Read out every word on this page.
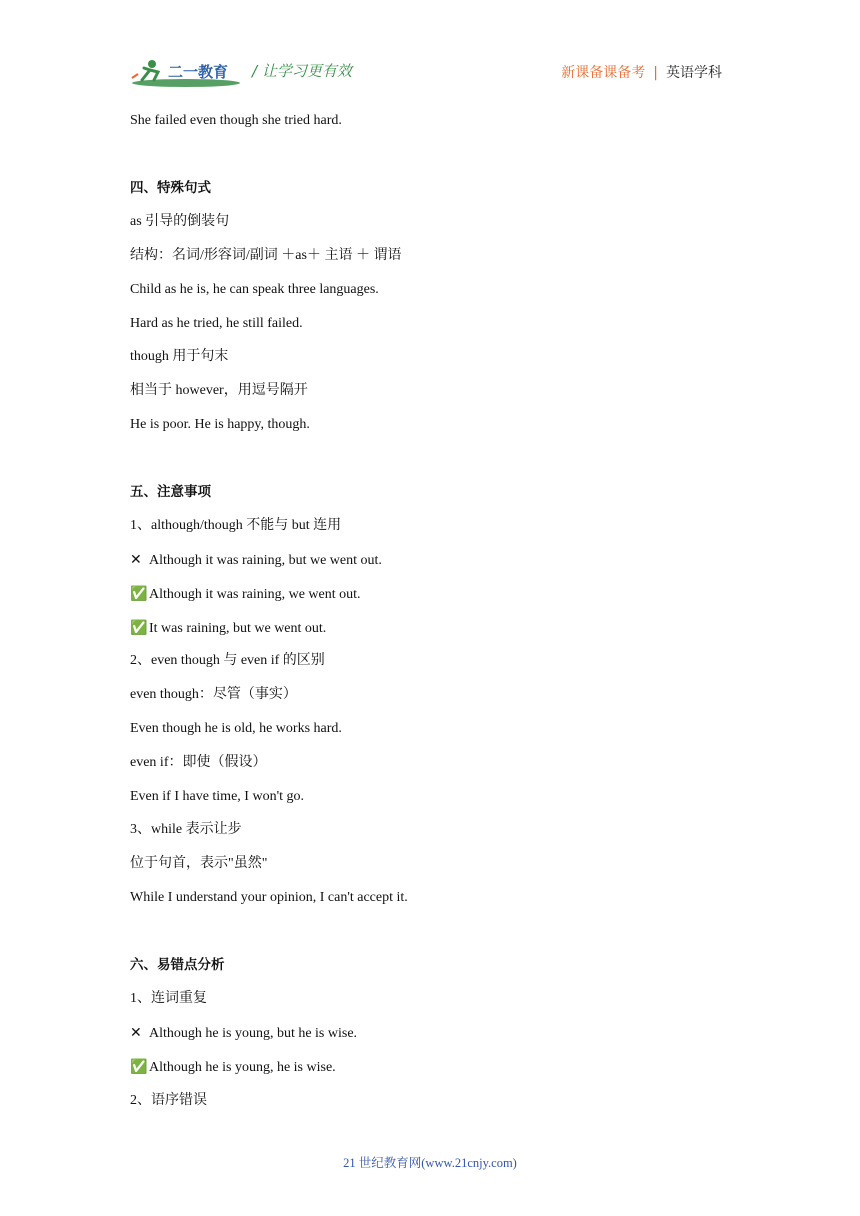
二一教育 / 让学习更有效	新课备课备考 | 英语学科
She failed even though she tried hard.
四、特殊句式
as 引导的倒装句
结构：名词/形容词/副词 ＋as＋ 主语 ＋ 谓语
Child as he is, he can speak three languages.
Hard as he tried, he still failed.
though 用于句末
相当于 however，用逗号隔开
He is poor. He is happy, though.
五、注意事项
1、although/though 不能与 but 连用
✕ Although it was raining, but we went out.
✅ Although it was raining, we went out.
✅ It was raining, but we went out.
2、even though 与 even if 的区别
even though：尽管（事实）
Even though he is old, he works hard.
even if：即使（假设）
Even if I have time, I won't go.
3、while 表示让步
位于句首，表示"虽然"
While I understand your opinion, I can't accept it.
六、易错点分析
1、连词重复
✕ Although he is young, but he is wise.
✅ Although he is young, he is wise.
2、语序错误
21 世纪教育网(www.21cnjy.com)
